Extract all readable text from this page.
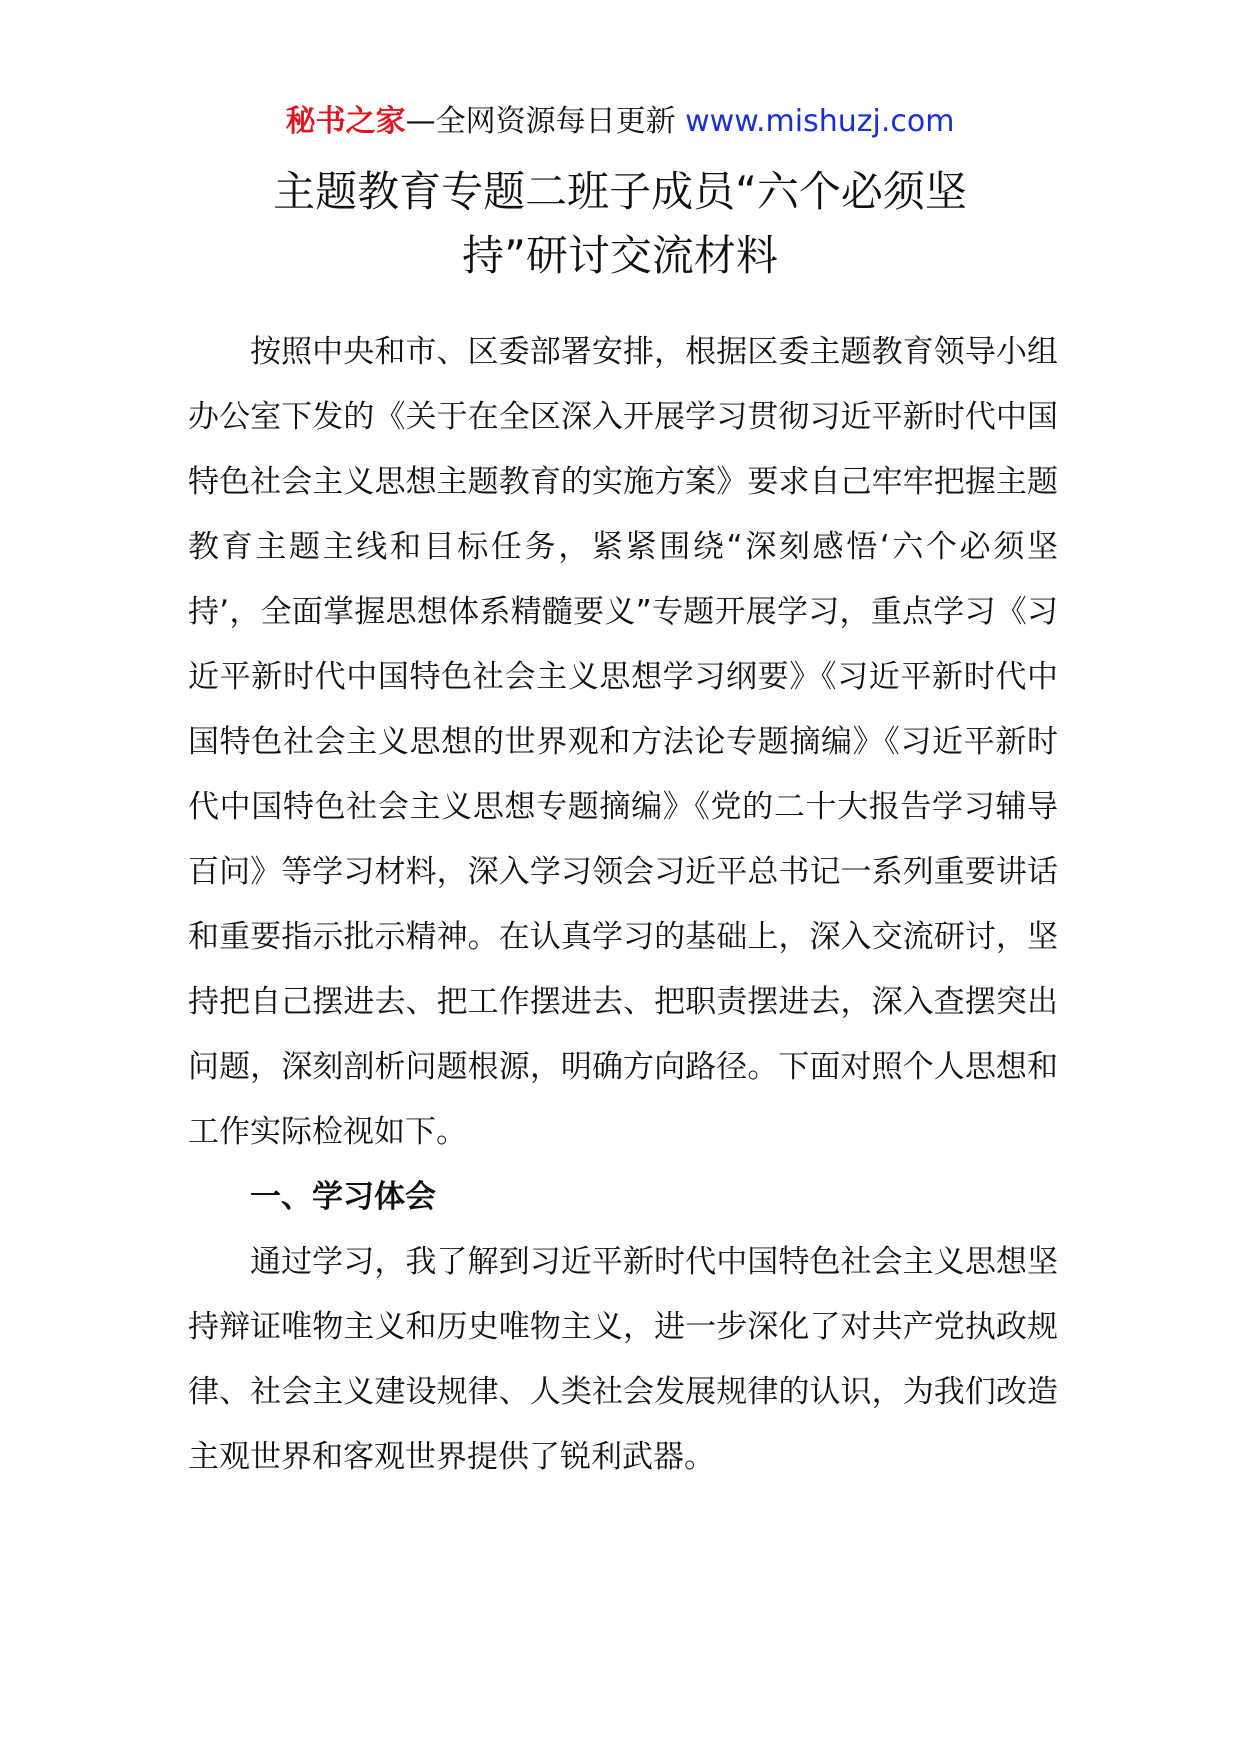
秘书之家—全网资源每日更新 www.mishuzj.com
主题教育专题二班子成员“六个必须坚
持”研讨交流材料

按照中央和市、区委部署安排，根据区委主题教育领导小组办公室下发的《关于在全区深入开展学习贯彻习近平新时代中国特色社会主义思想主题教育的实施方案》要求自己牢牢把握主题教育主题主线和目标任务，紧紧围绕“深刻感悟‘六个必须坚持’，全面掌握思想体系精髓要义”专题开展学习，重点学习《习近平新时代中国特色社会主义思想学习纲要》《习近平新时代中国特色社会主义思想的世界观和方法论专题摘编》《习近平新时代中国特色社会主义思想专题摘编》《党的二十大报告学习辅导百问》等学习材料，深入学习领会习近平总书记一系列重要讲话和重要指示批示精神。在认真学习的基础上，深入交流研讨，坚持把自己摆进去、把工作摆进去、把职责摆进去，深入查摆突出问题，深刻剖析问题根源，明确方向路径。下面对照个人思想和工作实际检视如下。

一、学习体会

通过学习，我了解到习近平新时代中国特色社会主义思想坚持辩证唯物主义和历史唯物主义，进一步深化了对共产党执政规律、社会主义建设规律、人类社会发展规律的认识，为我们改造主观世界和客观世界提供了锐利武器。
